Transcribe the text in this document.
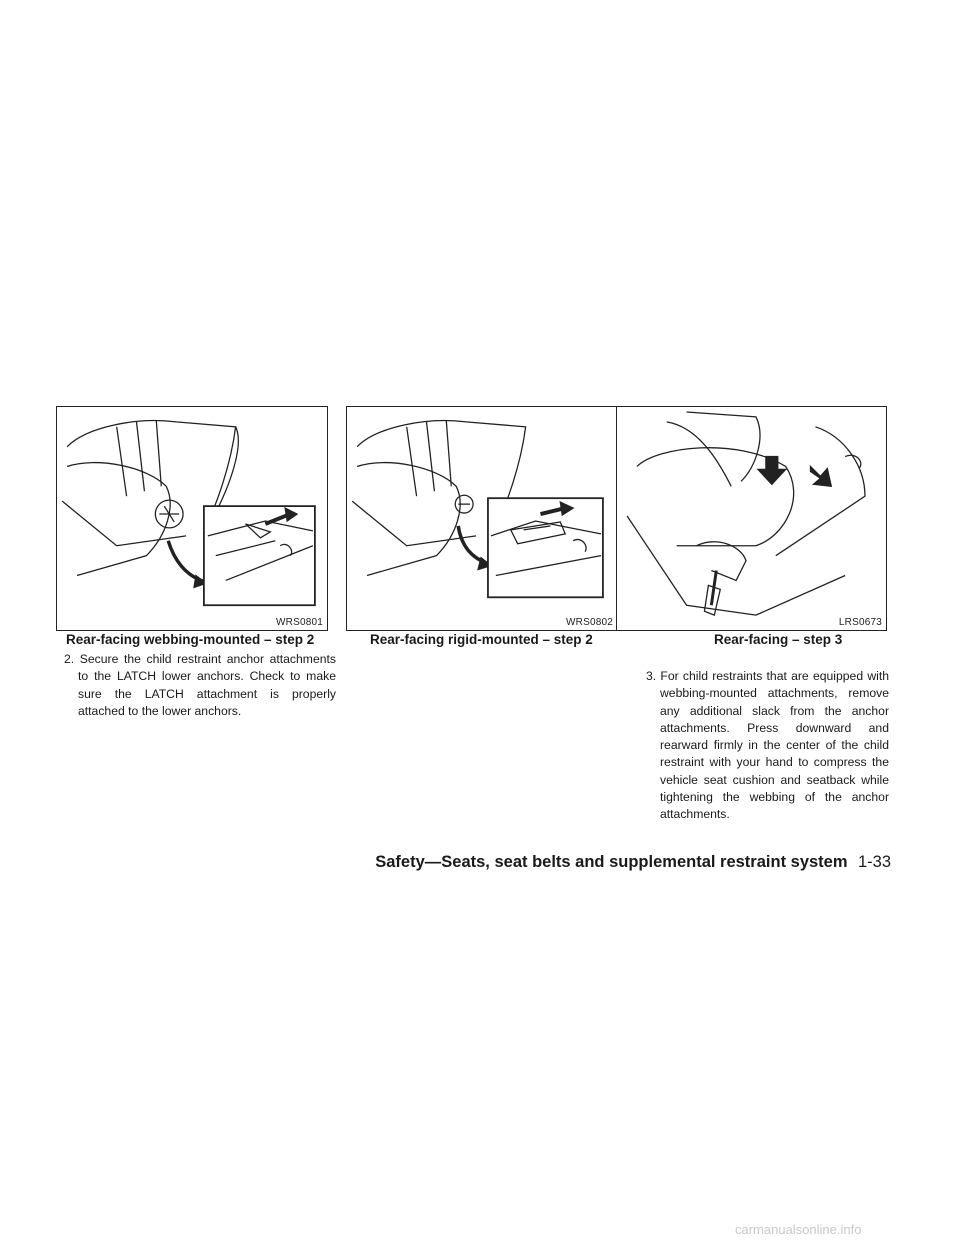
WRS0801	WRS0802	LRS0673
Rear-facing webbing-mounted – step 2	Rear-facing rigid-mounted – step 2	Rear-facing – step 3

2. Secure the child restraint anchor attachments to the LATCH lower anchors. Check to make sure the LATCH attachment is properly attached to the lower anchors.

3. For child restraints that are equipped with webbing-mounted attachments, remove any additional slack from the anchor attachments. Press downward and rearward firmly in the center of the child restraint with your hand to compress the vehicle seat cushion and seatback while tightening the webbing of the anchor attachments.

Safety—Seats, seat belts and supplemental restraint system 1-33
carmanualsonline.info
